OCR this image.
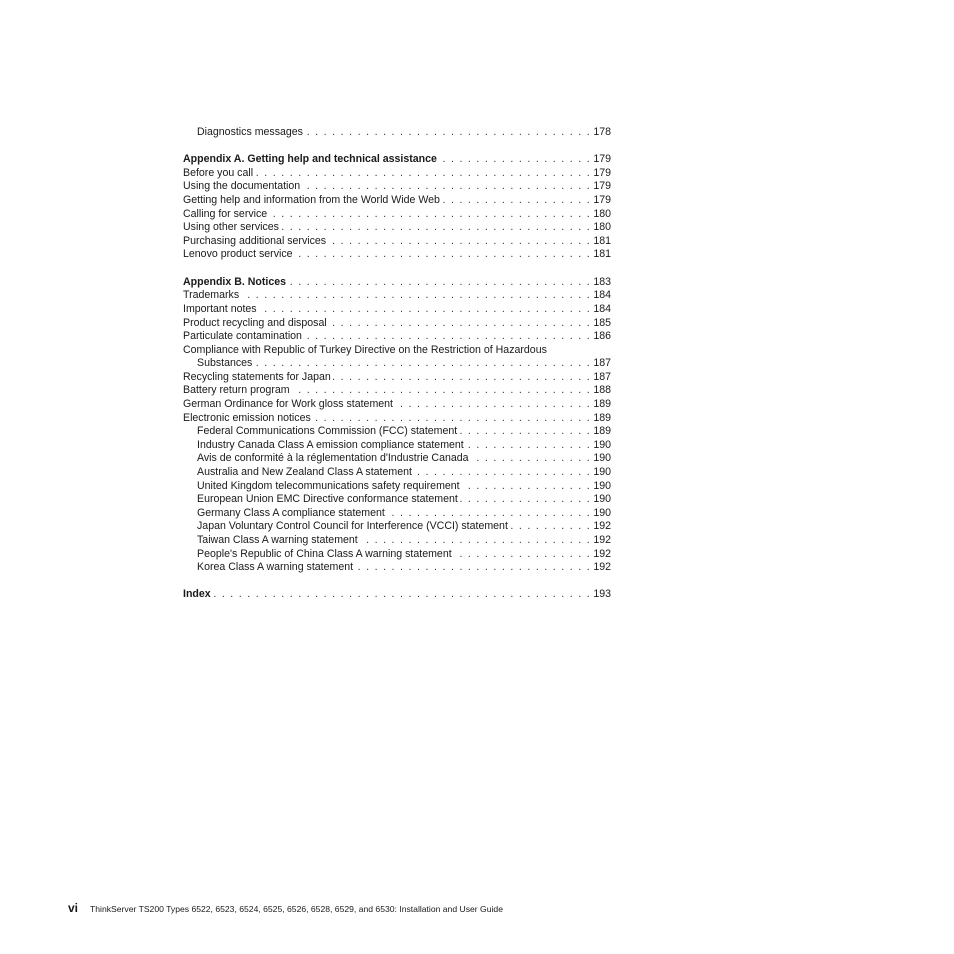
Diagnostics messages . . .	178
Appendix A. Getting help and technical assistance . . .	179
Before you call . . .	179
Using the documentation . . .	179
Getting help and information from the World Wide Web . . .	179
Calling for service . . .	180
Using other services . . .	180
Purchasing additional services . . .	181
Lenovo product service . . .	181
Appendix B. Notices . . .	183
Trademarks . . .	184
Important notes . . .	184
Product recycling and disposal . . .	185
Particulate contamination . . .	186
Compliance with Republic of Turkey Directive on the Restriction of Hazardous
Substances . . .	187
Recycling statements for Japan . . .	187
Battery return program . . .	188
German Ordinance for Work gloss statement . . .	189
Electronic emission notices . . .	189
Federal Communications Commission (FCC) statement . . .	189
Industry Canada Class A emission compliance statement . . .	190
Avis de conformité à la réglementation d'Industrie Canada . . .	190
Australia and New Zealand Class A statement . . .	190
United Kingdom telecommunications safety requirement . . .	190
European Union EMC Directive conformance statement . . .	190
Germany Class A compliance statement . . .	190
Japan Voluntary Control Council for Interference (VCCI) statement . . .	192
Taiwan Class A warning statement . . .	192
People's Republic of China Class A warning statement . . .	192
Korea Class A warning statement . . .	192
Index . . .	193
vi ThinkServer TS200 Types 6522, 6523, 6524, 6525, 6526, 6528, 6529, and 6530: Installation and User Guide
